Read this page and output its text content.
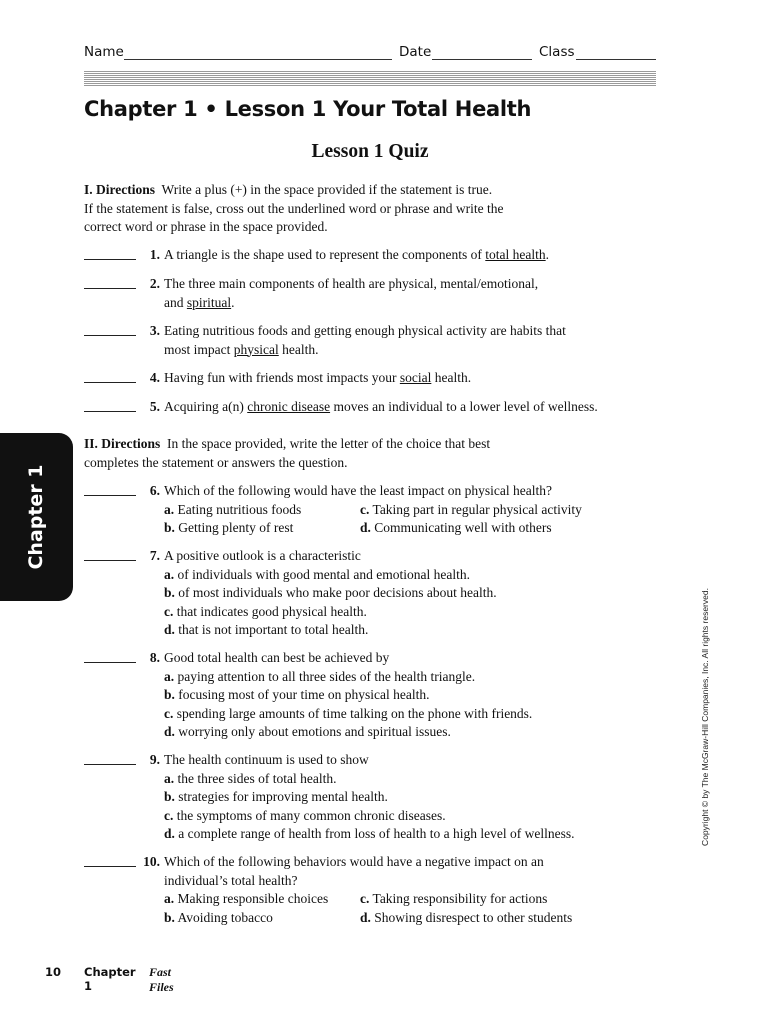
Name	Date	Class
Chapter 1 • Lesson 1 Your Total Health
Lesson 1 Quiz
I. Directions Write a plus (+) in the space provided if the statement is true.
If the statement is false, cross out the underlined word or phrase and write the
correct word or phrase in the space provided.
1. A triangle is the shape used to represent the components of total health.
2. The three main components of health are physical, mental/emotional,
and spiritual.
3. Eating nutritious foods and getting enough physical activity are habits that
most impact physical health.
4. Having fun with friends most impacts your social health.
5. Acquiring a(n) chronic disease moves an individual to a lower level of wellness.
II. Directions In the space provided, write the letter of the choice that best
completes the statement or answers the question.
6. Which of the following would have the least impact on physical health?
a. Eating nutritious foods	c. Taking part in regular physical activity
b. Getting plenty of rest	d. Communicating well with others
7. A positive outlook is a characteristic
a. of individuals with good mental and emotional health.
b. of most individuals who make poor decisions about health.
c. that indicates good physical health.
d. that is not important to total health.
8. Good total health can best be achieved by
a. paying attention to all three sides of the health triangle.
b. focusing most of your time on physical health.
c. spending large amounts of time talking on the phone with friends.
d. worrying only about emotions and spiritual issues.
9. The health continuum is used to show
a. the three sides of total health.
b. strategies for improving mental health.
c. the symptoms of many common chronic diseases.
d. a complete range of health from loss of health to a high level of wellness.
10. Which of the following behaviors would have a negative impact on an
individual’s total health?
a. Making responsible choices c. Taking responsibility for actions
b. Avoiding tobacco	d. Showing disrespect to other students
Chapter 1
Copyright © by The McGraw-Hill Companies, Inc. All rights reserved.
10 Chapter 1
Fast Files
